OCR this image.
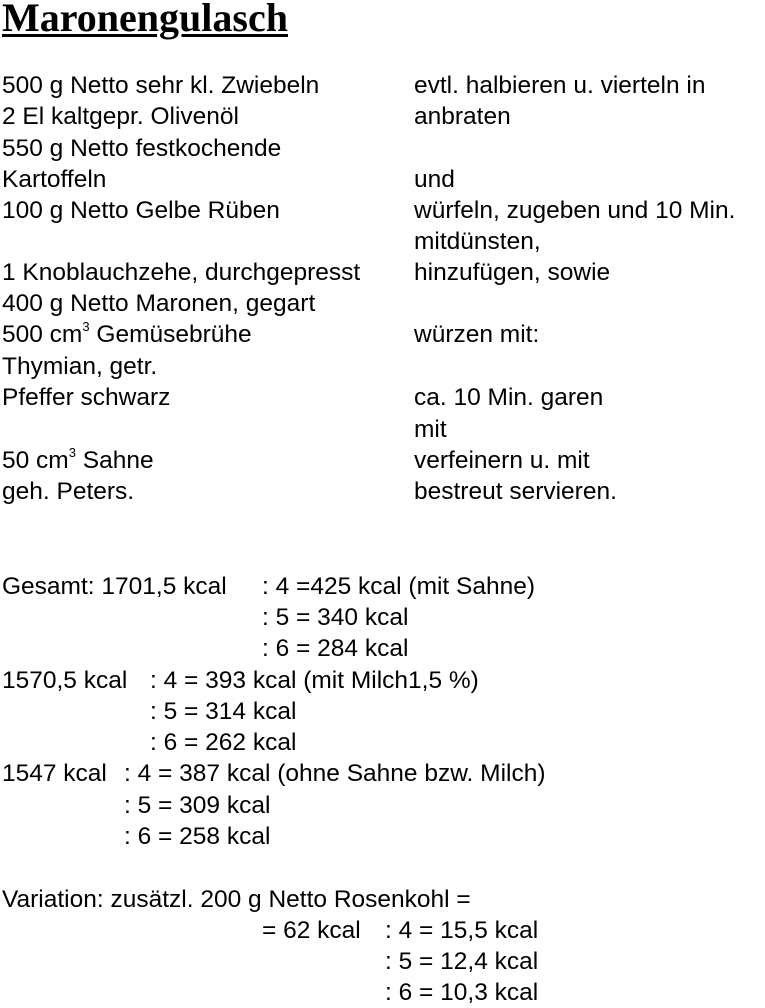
Maronengulasch
500 g Netto sehr kl. Zwiebeln
2 El kaltgepr. Olivenöl
550 g Netto festkochende
Kartoffeln
100 g Netto Gelbe Rüben
1 Knoblauchzehe, durchgepresst
400 g Netto Maronen, gegart
500 $cm^3$ Gemüsebrühe
Thymian, getr.
Pfeffer schwarz
50 $cm^3$ Sahne
geh. Peters.
evtl. halbieren u. vierteln in
anbraten
und
würfeln, zugeben und 10 Min.
mitdünsten,
hinzufügen, sowie
würzen mit:
ca. 10 Min. garen
mit
verfeinern u. mit
bestreut servieren.
Gesamt: 1701,5 kcal : 4 =425 kcal (mit Sahne)
: 5 = 340 kcal
: 6 = 284 kcal
1570,5 kcal : 4 = 393 kcal (mit Milch1,5 %)
: 5 = 314 kcal
: 6 = 262 kcal
1547 kcal : 4 = 387 kcal (ohne Sahne bzw. Milch)
: 5 = 309 kcal
: 6 = 258 kcal
Variation: zusätzl. 200 g Netto Rosenkohl =
= 62 kcal : 4 = 15,5 kcal
: 5 = 12,4 kcal
: 6 = 10,3 kcal
